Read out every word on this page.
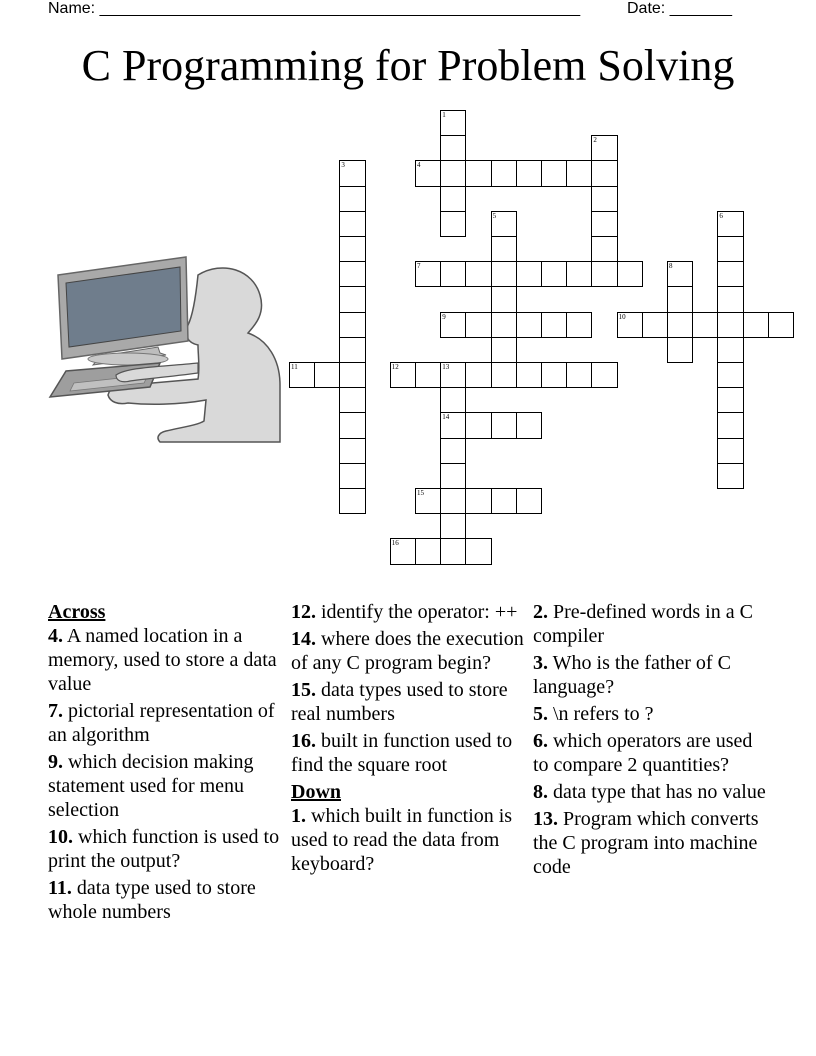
Name: ______________________________________________________	Date: _______
C Programming for Problem Solving
1
2
3	4
5	6
7	8
9	10
11	12	13
14
15
16
Across
4. A named location in a memory, used to store a data value
7. pictorial representation of an algorithm
9. which decision making statement used for menu selection
10. which function is used to print the output?
11. data type used to store whole numbers
12. identify the operator: ++
14. where does the execution of any C program begin?
15. data types used to store real numbers
16. built in function used to find the square root
Down
1. which built in function is used to read the data from keyboard?
2. Pre-defined words in a C compiler
3. Who is the father of C language?
5. \n refers to ?
6. which operators are used to compare 2 quantities?
8. data type that has no value
13. Program which converts the C program into machine code
